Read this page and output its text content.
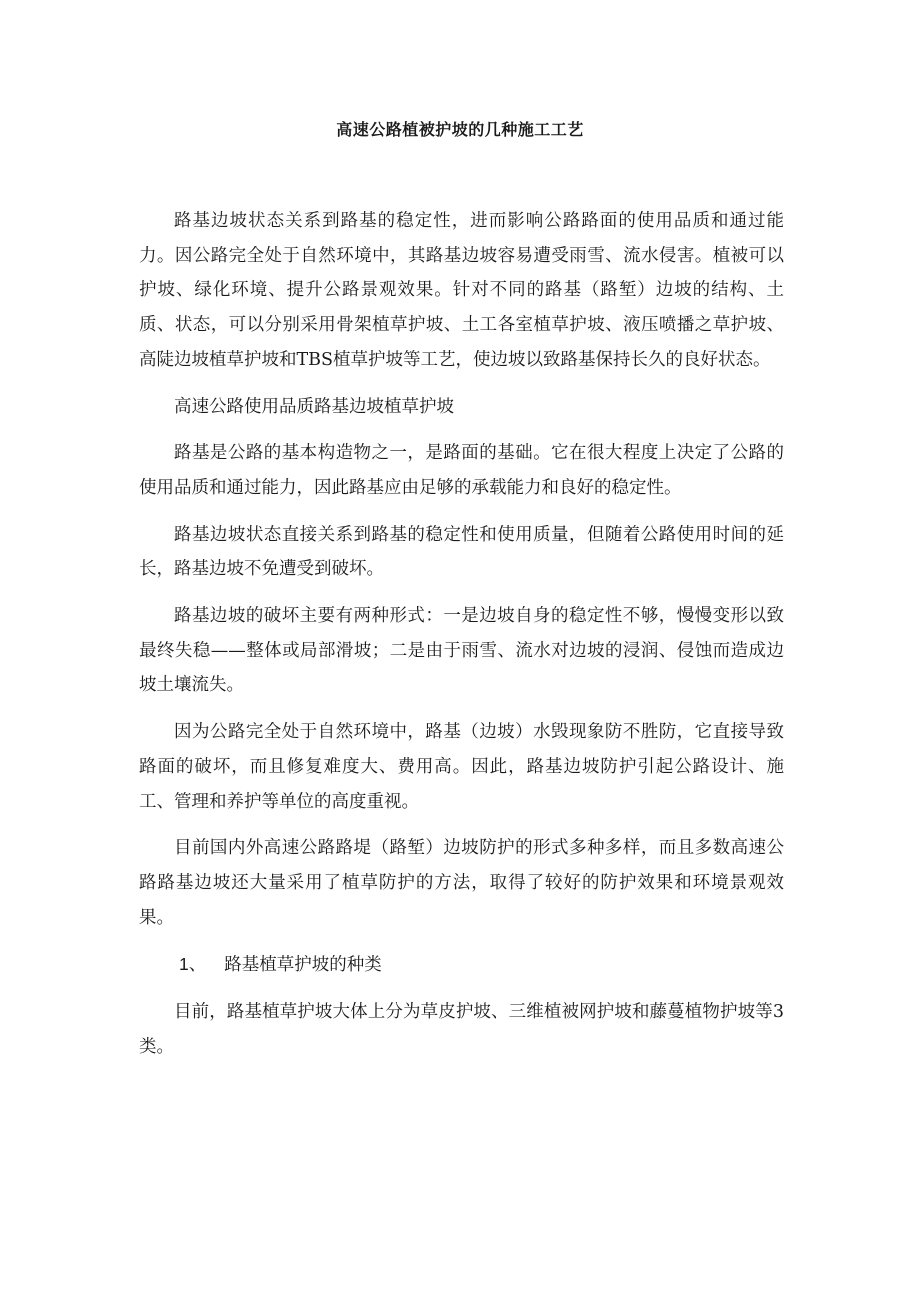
高速公路植被护坡的几种施工工艺

路基边坡状态关系到路基的稳定性，进而影响公路路面的使用品质和通过能力。因公路完全处于自然环境中，其路基边坡容易遭受雨雪、流水侵害。植被可以护坡、绿化环境、提升公路景观效果。针对不同的路基（路堑）边坡的结构、土质、状态，可以分别采用骨架植草护坡、土工各室植草护坡、液压喷播之草护坡、高陡边坡植草护坡和TBS植草护坡等工艺，使边坡以致路基保持长久的良好状态。

高速公路使用品质路基边坡植草护坡

路基是公路的基本构造物之一，是路面的基础。它在很大程度上决定了公路的使用品质和通过能力，因此路基应由足够的承载能力和良好的稳定性。

路基边坡状态直接关系到路基的稳定性和使用质量，但随着公路使用时间的延长，路基边坡不免遭受到破坏。

路基边坡的破坏主要有两种形式：一是边坡自身的稳定性不够，慢慢变形以致最终失稳——整体或局部滑坡；二是由于雨雪、流水对边坡的浸润、侵蚀而造成边坡土壤流失。

因为公路完全处于自然环境中，路基（边坡）水毁现象防不胜防，它直接导致路面的破坏，而且修复难度大、费用高。因此，路基边坡防护引起公路设计、施工、管理和养护等单位的高度重视。

目前国内外高速公路路堤（路堑）边坡防护的形式多种多样，而且多数高速公路路基边坡还大量采用了植草防护的方法，取得了较好的防护效果和环境景观效果。

1、 路基植草护坡的种类

目前，路基植草护坡大体上分为草皮护坡、三维植被网护坡和藤蔓植物护坡等3类。
